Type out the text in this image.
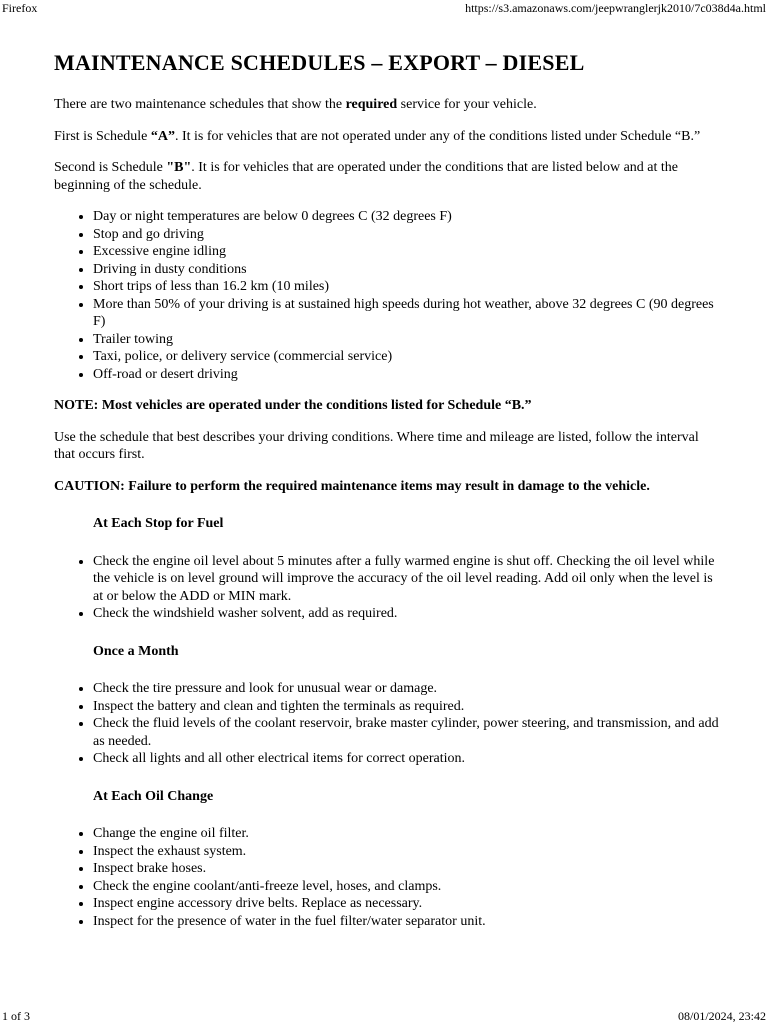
Firefox	https://s3.amazonaws.com/jeepwranglerjk2010/7c038d4a.html
MAINTENANCE SCHEDULES – EXPORT – DIESEL

There are two maintenance schedules that show the required service for your vehicle.

First is Schedule “A”. It is for vehicles that are not operated under any of the conditions listed under Schedule “B.”

Second is Schedule "B". It is for vehicles that are operated under the conditions that are listed below and at the beginning of the schedule.

• Day or night temperatures are below 0 degrees C (32 degrees F)
• Stop and go driving
• Excessive engine idling
• Driving in dusty conditions
• Short trips of less than 16.2 km (10 miles)
• More than 50% of your driving is at sustained high speeds during hot weather, above 32 degrees C (90 degrees F)
• Trailer towing
• Taxi, police, or delivery service (commercial service)
• Off-road or desert driving

NOTE: Most vehicles are operated under the conditions listed for Schedule “B.”

Use the schedule that best describes your driving conditions. Where time and mileage are listed, follow the interval that occurs first.

CAUTION: Failure to perform the required maintenance items may result in damage to the vehicle.

At Each Stop for Fuel
• Check the engine oil level about 5 minutes after a fully warmed engine is shut off. Checking the oil level while the vehicle is on level ground will improve the accuracy of the oil level reading. Add oil only when the level is at or below the ADD or MIN mark.
• Check the windshield washer solvent, add as required.
Once a Month
• Check the tire pressure and look for unusual wear or damage.
• Inspect the battery and clean and tighten the terminals as required.
• Check the fluid levels of the coolant reservoir, brake master cylinder, power steering, and transmission, and add as needed.
• Check all lights and all other electrical items for correct operation.
At Each Oil Change
• Change the engine oil filter.
• Inspect the exhaust system.
• Inspect brake hoses.
• Check the engine coolant/anti-freeze level, hoses, and clamps.
• Inspect engine accessory drive belts. Replace as necessary.
• Inspect for the presence of water in the fuel filter/water separator unit.
1 of 3	08/01/2024, 23:42
